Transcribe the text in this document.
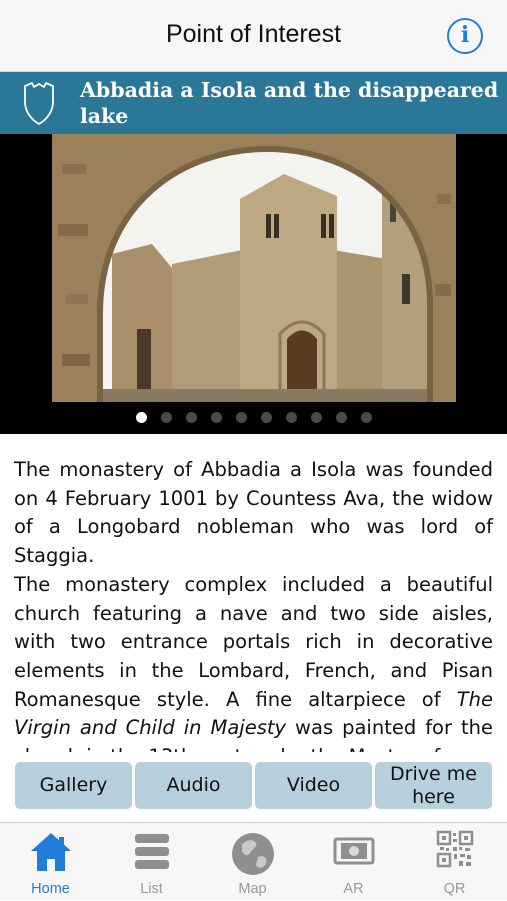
Point of Interest	i
Abbadia a Isola and the disappeared lake

The monastery of Abbadia a Isola was founded on 4 February 1001 by Countess Ava, the widow of a Longobard nobleman who was lord of Staggia.

The monastery complex included a beautiful church featuring a nave and two side aisles, with two entrance portals rich in decorative elements in the Lombard, French, and Pisan Romanesque style. A fine altarpiece of The Virgin and Child in Majesty was painted for the

Gallery	Audio	Video
Drive me
here
Home	List	Map	AR	QR
